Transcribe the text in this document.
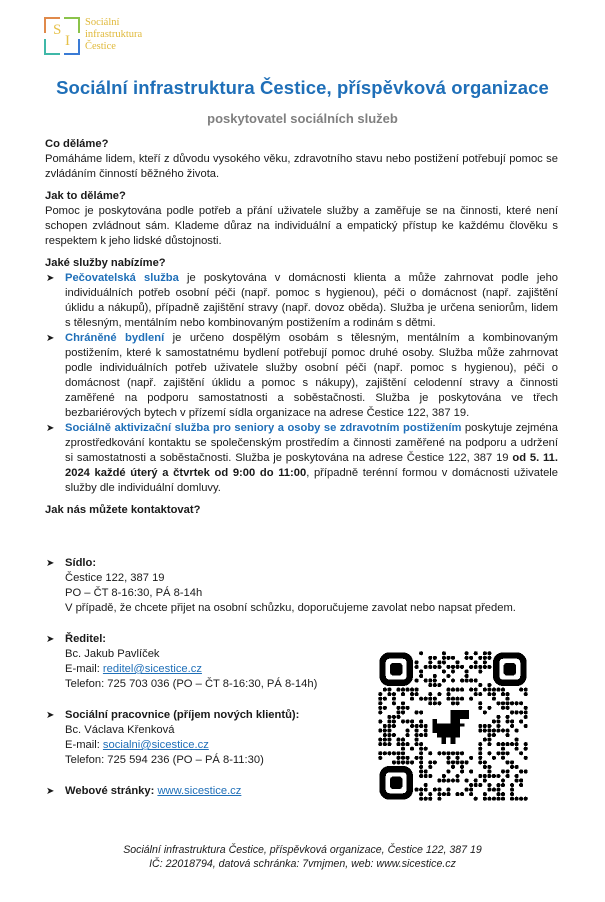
S
I
Sociální
infrastruktura
Čestice
Sociální infrastruktura Čestice, příspěvková organizace
poskytovatel sociálních služeb
Co děláme?

Pomáháme lidem, kteří z důvodu vysokého věku, zdravotního stavu nebo postižení potřebují pomoc se zvládáním činností běžného života.

Jak to děláme?

Pomoc je poskytována podle potřeb a přání uživatele služby a zaměřuje se na činnosti, které není schopen zvládnout sám. Klademe důraz na individuální a empatický přístup ke každému člověku s respektem k jeho lidské důstojnosti.

Jaké služby nabízíme?
➤ Pečovatelská služba je poskytována v domácnosti klienta a může zahrnovat podle jeho individuálních potřeb osobní péči (např. pomoc s hygienou), péči o domácnost (např. zajištění úklidu a nákupů), případně zajištění stravy (např. dovoz oběda). Služba je určena seniorům, lidem s tělesným, mentálním nebo kombinovaným postižením a rodinám s dětmi.
➤ Chráněné bydlení je určeno dospělým osobám s tělesným, mentálním a kombinovaným postižením, které k samostatnému bydlení potřebují pomoc druhé osoby. Služba může zahrnovat podle individuálních potřeb uživatele služby osobní péči (např. pomoc s hygienou), péči o domácnost (např. zajištění úklidu a pomoc s nákupy), zajištění celodenní stravy a činnosti zaměřené na podporu samostatnosti a soběstačnosti. Služba je poskytována ve třech bezbariérových bytech v přízemí sídla organizace na adrese Čestice 122, 387 19.
➤ Sociálně aktivizační služba pro seniory a osoby se zdravotním postižením poskytuje zejména zprostředkování kontaktu se společenským prostředím a činnosti zaměřené na podporu a udržení si samostatnosti a soběstačnosti. Služba je poskytována na adrese Čestice 122, 387 19 od 5. 11. 2024 každé úterý a čtvrtek od 9:00 do 11:00, případně terénní formou v domácnosti uživatele služby dle individuální domluvy.
Jak nás můžete kontaktovat?
➤ Sídlo:
Čestice 122, 387 19
PO – ČT 8-16:30, PÁ 8-14h
V případě, že chcete přijet na osobní schůzku, doporučujeme zavolat nebo napsat předem.
➤ Ředitel:
Bc. Jakub Pavlíček
E-mail: reditel@sicestice.cz
Telefon: 725 703 036 (PO – ČT 8-16:30, PÁ 8-14h)
➤ Sociální pracovnice (příjem nových klientů):
Bc. Václava Křenková
E-mail: socialni@sicestice.cz
Telefon: 725 594 236 (PO – PÁ 8-11:30)
➤ Webové stránky: www.sicestice.cz
Sociální infrastruktura Čestice, příspěvková organizace, Čestice 122, 387 19
IČ: 22018794, datová schránka: 7vmjmen, web: www.sicestice.cz
